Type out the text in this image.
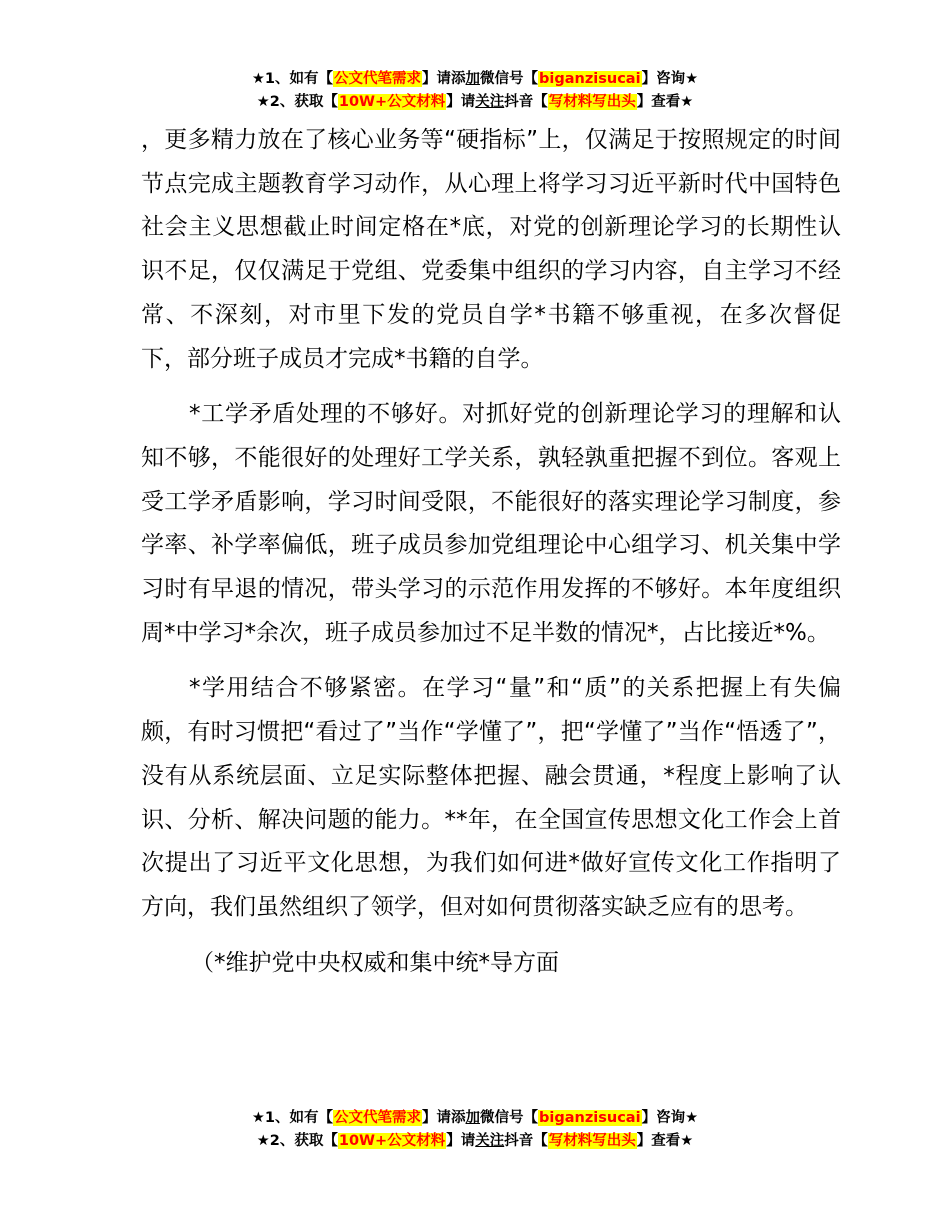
★1、如有【公文代笔需求】请添加微信号【biganzisucai】咨询★
★2、获取【10W+公文材料】请关注抖音【写材料写出头】查看★

，更多精力放在了核心业务等“硬指标”上，仅满足于按照规定的时间节点完成主题教育学习动作，从心理上将学习习近平新时代中国特色社会主义思想截止时间定格在*底，对党的创新理论学习的长期性认识不足，仅仅满足于党组、党委集中组织的学习内容，自主学习不经常、不深刻，对市里下发的党员自学*书籍不够重视，在多次督促下，部分班子成员才完成*书籍的自学。

*工学矛盾处理的不够好。对抓好党的创新理论学习的理解和认知不够，不能很好的处理好工学关系，孰轻孰重把握不到位。客观上受工学矛盾影响，学习时间受限，不能很好的落实理论学习制度，参学率、补学率偏低，班子成员参加党组理论中心组学习、机关集中学习时有早退的情况，带头学习的示范作用发挥的不够好。本年度组织周*中学习*余次，班子成员参加过不足半数的情况*，占比接近*%。

*学用结合不够紧密。在学习“量”和“质”的关系把握上有失偏颇，有时习惯把“看过了”当作“学懂了”，把“学懂了”当作“悟透了”，没有从系统层面、立足实际整体把握、融会贯通，*程度上影响了认识、分析、解决问题的能力。**年，在全国宣传思想文化工作会上首次提出了习近平文化思想，为我们如何进*做好宣传文化工作指明了方向，我们虽然组织了领学，但对如何贯彻落实缺乏应有的思考。

（*维护党中央权威和集中统*导方面

★1、如有【公文代笔需求】请添加微信号【biganzisucai】咨询★
★2、获取【10W+公文材料】请关注抖音【写材料写出头】查看★
